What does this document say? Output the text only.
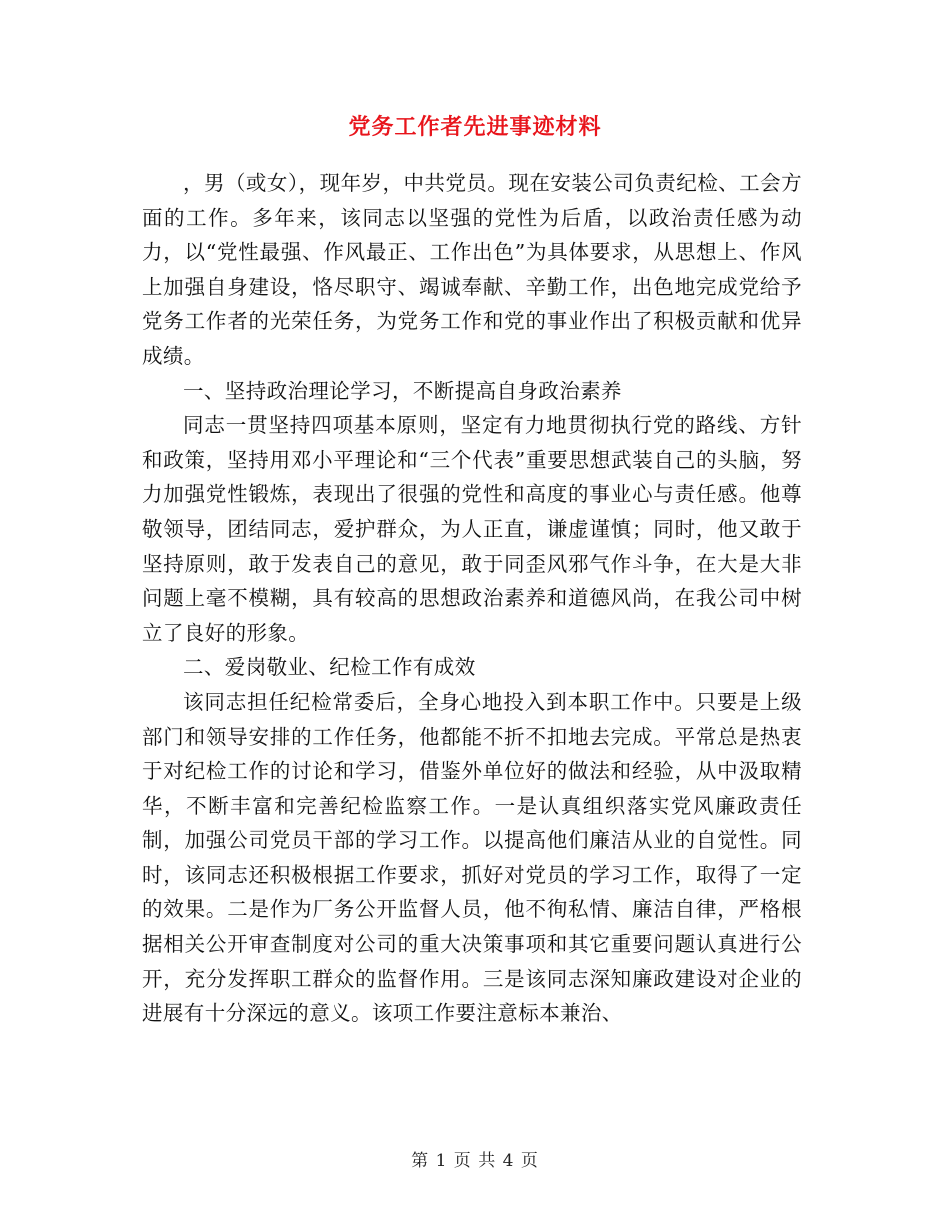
党务工作者先进事迹材料

，男（或女），现年岁，中共党员。现在安装公司负责纪检、工会方面的工作。多年来，该同志以坚强的党性为后盾，以政治责任感为动力，以“党性最强、作风最正、工作出色”为具体要求，从思想上、作风上加强自身建设，恪尽职守、竭诚奉献、辛勤工作，出色地完成党给予党务工作者的光荣任务，为党务工作和党的事业作出了积极贡献和优异成绩。

一、坚持政治理论学习，不断提高自身政治素养

同志一贯坚持四项基本原则，坚定有力地贯彻执行党的路线、方针和政策，坚持用邓小平理论和“三个代表”重要思想武装自己的头脑，努力加强党性锻炼，表现出了很强的党性和高度的事业心与责任感。他尊敬领导，团结同志，爱护群众，为人正直，谦虚谨慎；同时，他又敢于坚持原则，敢于发表自己的意见，敢于同歪风邪气作斗争，在大是大非问题上毫不模糊，具有较高的思想政治素养和道德风尚，在我公司中树立了良好的形象。

二、爱岗敬业、纪检工作有成效

该同志担任纪检常委后，全身心地投入到本职工作中。只要是上级部门和领导安排的工作任务，他都能不折不扣地去完成。平常总是热衷于对纪检工作的讨论和学习，借鉴外单位好的做法和经验，从中汲取精华，不断丰富和完善纪检监察工作。一是认真组织落实党风廉政责任制，加强公司党员干部的学习工作。以提高他们廉洁从业的自觉性。同时，该同志还积极根据工作要求，抓好对党员的学习工作，取得了一定的效果。二是作为厂务公开监督人员，他不徇私情、廉洁自律，严格根据相关公开审查制度对公司的重大决策事项和其它重要问题认真进行公开，充分发挥职工群众的监督作用。三是该同志深知廉政建设对企业的进展有十分深远的意义。该项工作要注意标本兼治、

第 1 页 共 4 页
